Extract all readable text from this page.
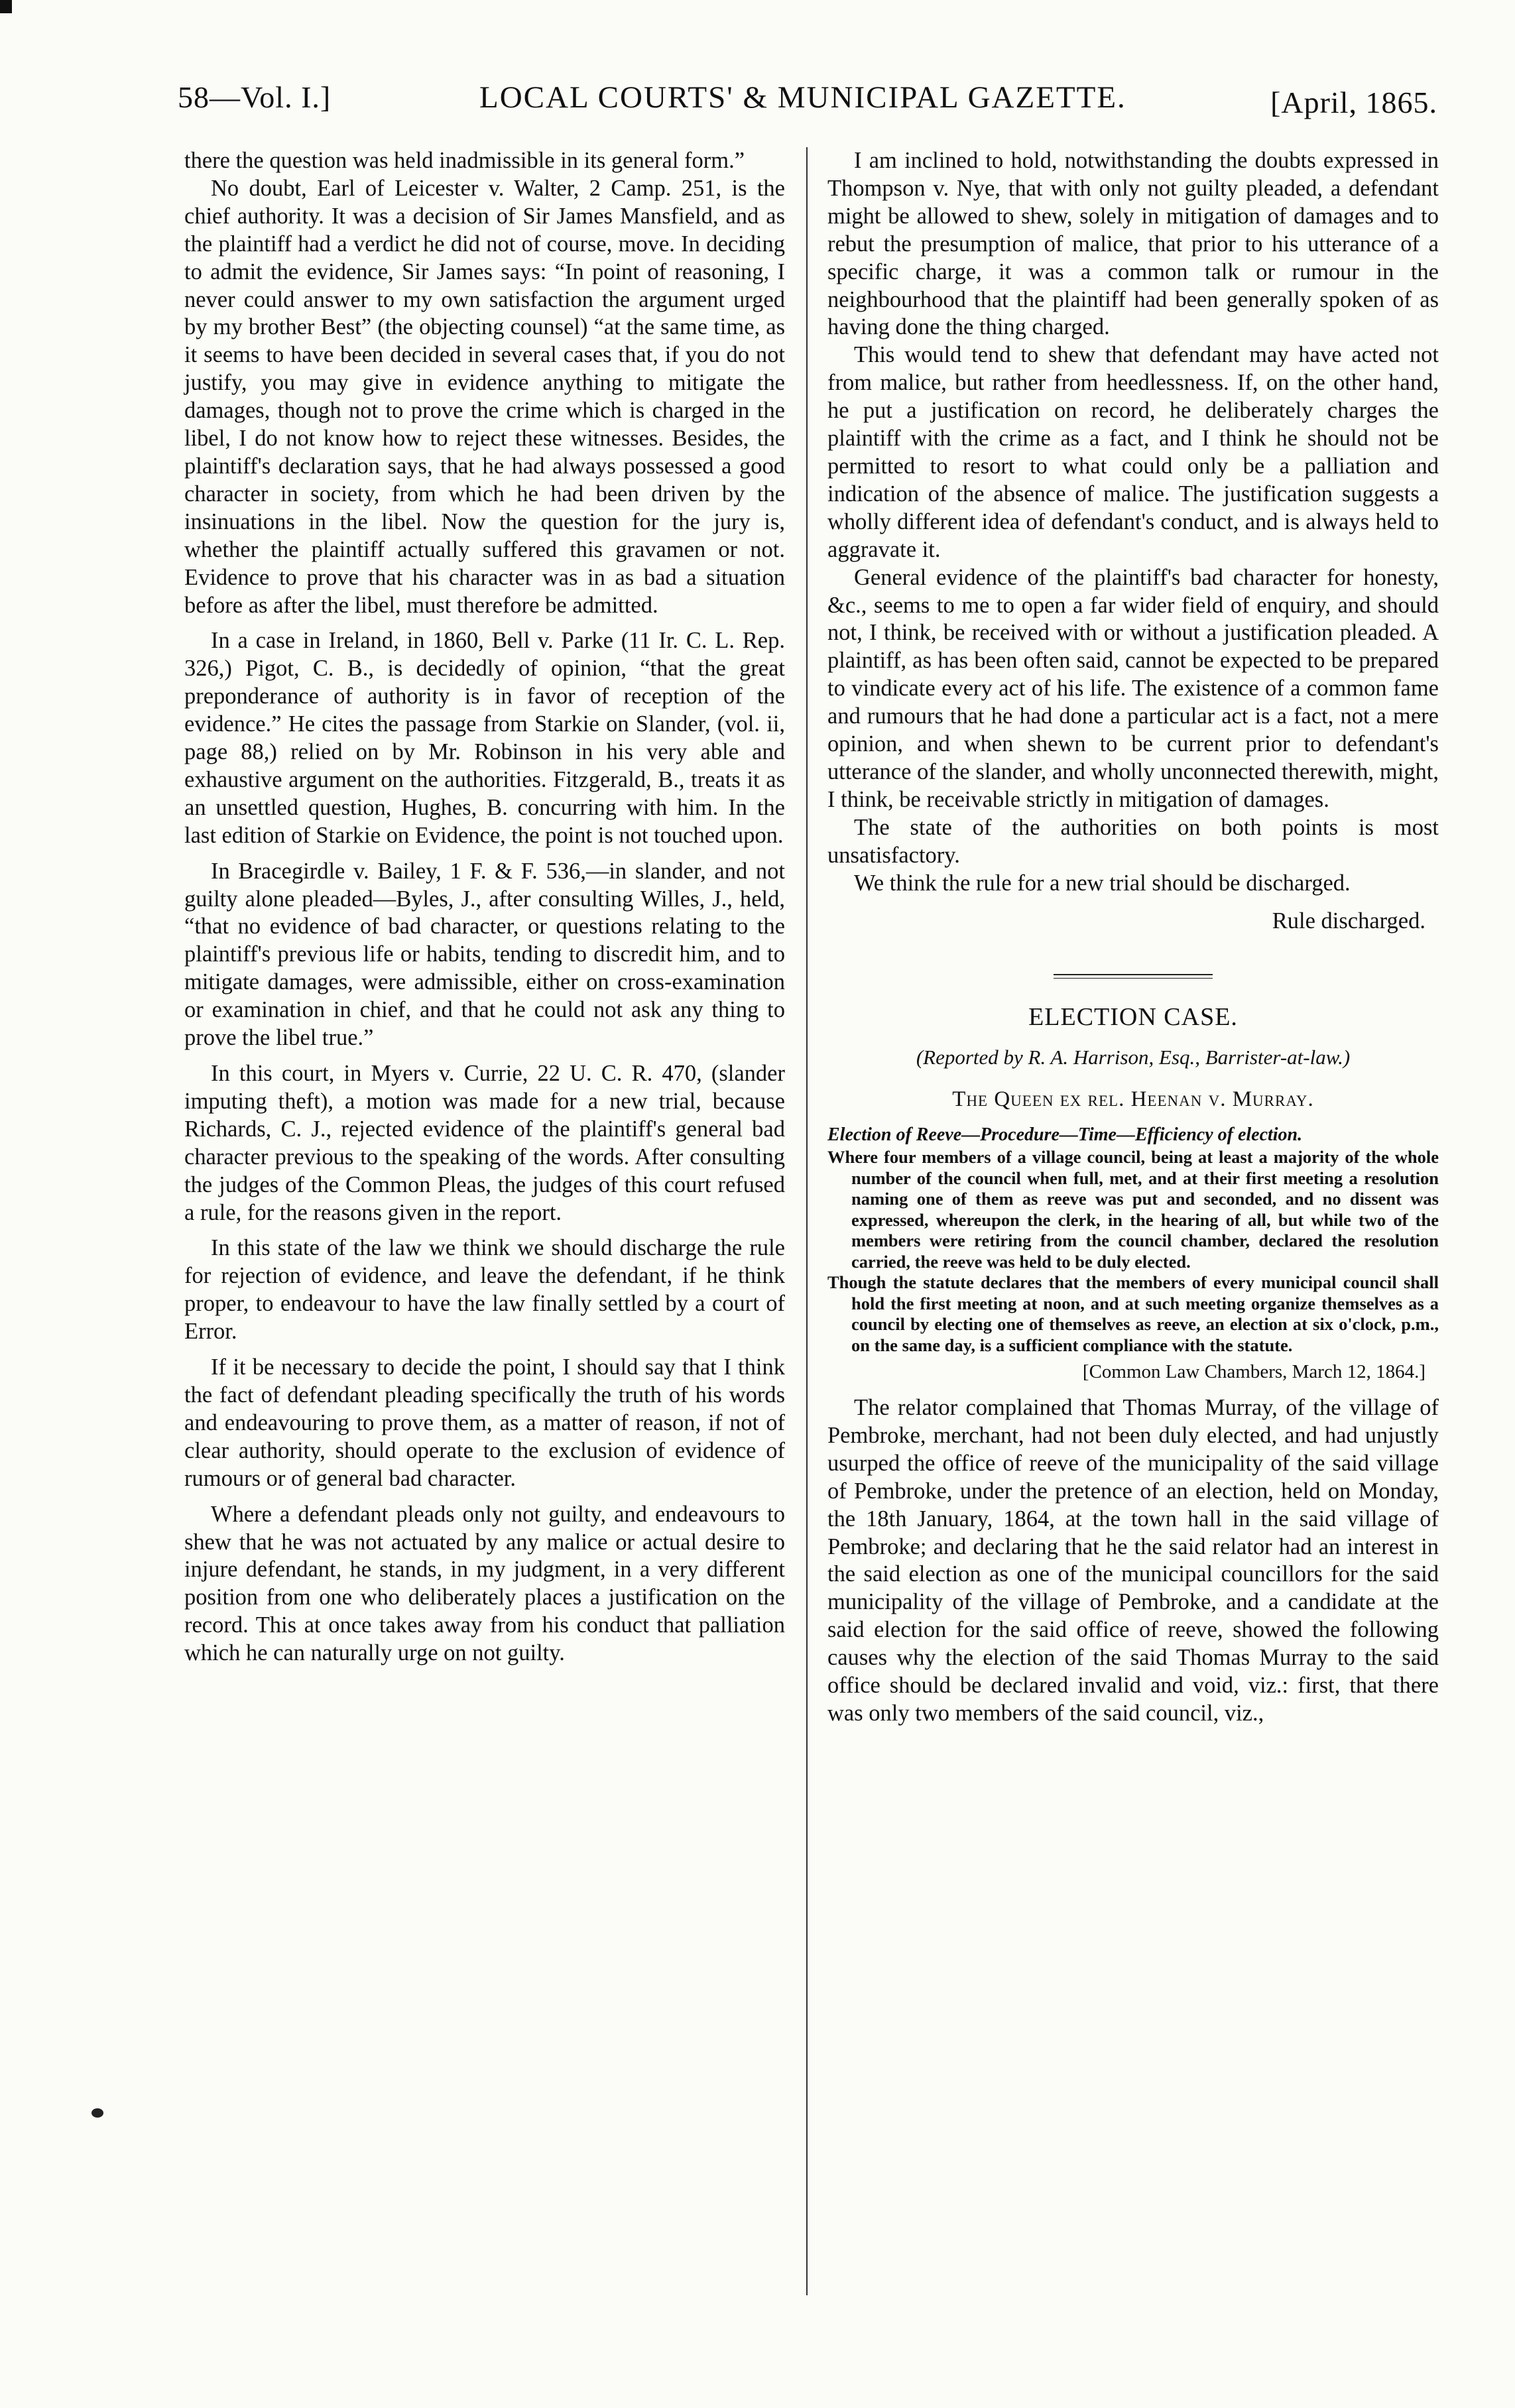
58—Vol. I.]	LOCAL COURTS' & MUNICIPAL GAZETTE.	[April, 1865.

there the question was held inadmissible in its general form.”

No doubt, Earl of Leicester v. Walter, 2 Camp. 251, is the chief authority. It was a decision of Sir James Mansfield, and as the plaintiff had a verdict he did not of course, move. In deciding to admit the evidence, Sir James says: “In point of reasoning, I never could answer to my own satisfaction the argument urged by my brother Best” (the objecting counsel) “at the same time, as it seems to have been decided in several cases that, if you do not justify, you may give in evidence anything to mitigate the damages, though not to prove the crime which is charged in the libel, I do not know how to reject these witnesses. Besides, the plaintiff's declaration says, that he had always possessed a good character in society, from which he had been driven by the insinuations in the libel. Now the question for the jury is, whether the plaintiff actually suffered this gravamen or not. Evidence to prove that his character was in as bad a situation before as after the libel, must therefore be admitted.

In a case in Ireland, in 1860, Bell v. Parke (11 Ir. C. L. Rep. 326,) Pigot, C. B., is decidedly of opinion, “that the great preponderance of authority is in favor of reception of the evidence.” He cites the passage from Starkie on Slander, (vol. ii, page 88,) relied on by Mr. Robinson in his very able and exhaustive argument on the authorities. Fitzgerald, B., treats it as an unsettled question, Hughes, B. concurring with him. In the last edition of Starkie on Evidence, the point is not touched upon.

In Bracegirdle v. Bailey, 1 F. & F. 536,—in slander, and not guilty alone pleaded—Byles, J., after consulting Willes, J., held, “that no evidence of bad character, or questions relating to the plaintiff's previous life or habits, tending to discredit him, and to mitigate damages, were admissible, either on cross-examination or examination in chief, and that he could not ask any thing to prove the libel true.”

In this court, in Myers v. Currie, 22 U. C. R. 470, (slander imputing theft), a motion was made for a new trial, because Richards, C. J., rejected evidence of the plaintiff's general bad character previous to the speaking of the words. After consulting the judges of the Common Pleas, the judges of this court refused a rule, for the reasons given in the report.

In this state of the law we think we should discharge the rule for rejection of evidence, and leave the defendant, if he think proper, to endeavour to have the law finally settled by a court of Error.

If it be necessary to decide the point, I should say that I think the fact of defendant pleading specifically the truth of his words and endeavouring to prove them, as a matter of reason, if not of clear authority, should operate to the exclusion of evidence of rumours or of general bad character.

Where a defendant pleads only not guilty, and endeavours to shew that he was not actuated by any malice or actual desire to injure defendant, he stands, in my judgment, in a very different position from one who deliberately places a justification on the record. This at once takes away from his conduct that palliation which he can naturally urge on not guilty.

I am inclined to hold, notwithstanding the doubts expressed in Thompson v. Nye, that with only not guilty pleaded, a defendant might be allowed to shew, solely in mitigation of damages and to rebut the presumption of malice, that prior to his utterance of a specific charge, it was a common talk or rumour in the neighbourhood that the plaintiff had been generally spoken of as having done the thing charged.

This would tend to shew that defendant may have acted not from malice, but rather from heedlessness. If, on the other hand, he put a justification on record, he deliberately charges the plaintiff with the crime as a fact, and I think he should not be permitted to resort to what could only be a palliation and indication of the absence of malice. The justification suggests a wholly different idea of defendant's conduct, and is always held to aggravate it.

General evidence of the plaintiff's bad character for honesty, &c., seems to me to open a far wider field of enquiry, and should not, I think, be received with or without a justification pleaded. A plaintiff, as has been often said, cannot be expected to be prepared to vindicate every act of his life. The existence of a common fame and rumours that he had done a particular act is a fact, not a mere opinion, and when shewn to be current prior to defendant's utterance of the slander, and wholly unconnected therewith, might, I think, be receivable strictly in mitigation of damages.

The state of the authorities on both points is most unsatisfactory.

We think the rule for a new trial should be discharged.

Rule discharged.
ELECTION CASE.
(Reported by R. A. Harrison, Esq., Barrister-at-law.)
The Queen ex rel. Heenan v. Murray.
Election of Reeve—Procedure—Time—Efficiency of election.
Where four members of a village council, being at least a majority of the whole number of the council when full, met, and at their first meeting a resolution naming one of them as reeve was put and seconded, and no dissent was expressed, whereupon the clerk, in the hearing of all, but while two of the members were retiring from the council chamber, declared the resolution carried, the reeve was held to be duly elected.
Though the statute declares that the members of every municipal council shall hold the first meeting at noon, and at such meeting organize themselves as a council by electing one of themselves as reeve, an election at six o'clock, p.m., on the same day, is a sufficient compliance with the statute.
[Common Law Chambers, March 12, 1864.]

The relator complained that Thomas Murray, of the village of Pembroke, merchant, had not been duly elected, and had unjustly usurped the office of reeve of the municipality of the said village of Pembroke, under the pretence of an election, held on Monday, the 18th January, 1864, at the town hall in the said village of Pembroke; and declaring that he the said relator had an interest in the said election as one of the municipal councillors for the said municipality of the village of Pembroke, and a candidate at the said election for the said office of reeve, showed the following causes why the election of the said Thomas Murray to the said office should be declared invalid and void, viz.: first, that there was only two members of the said council, viz.,
